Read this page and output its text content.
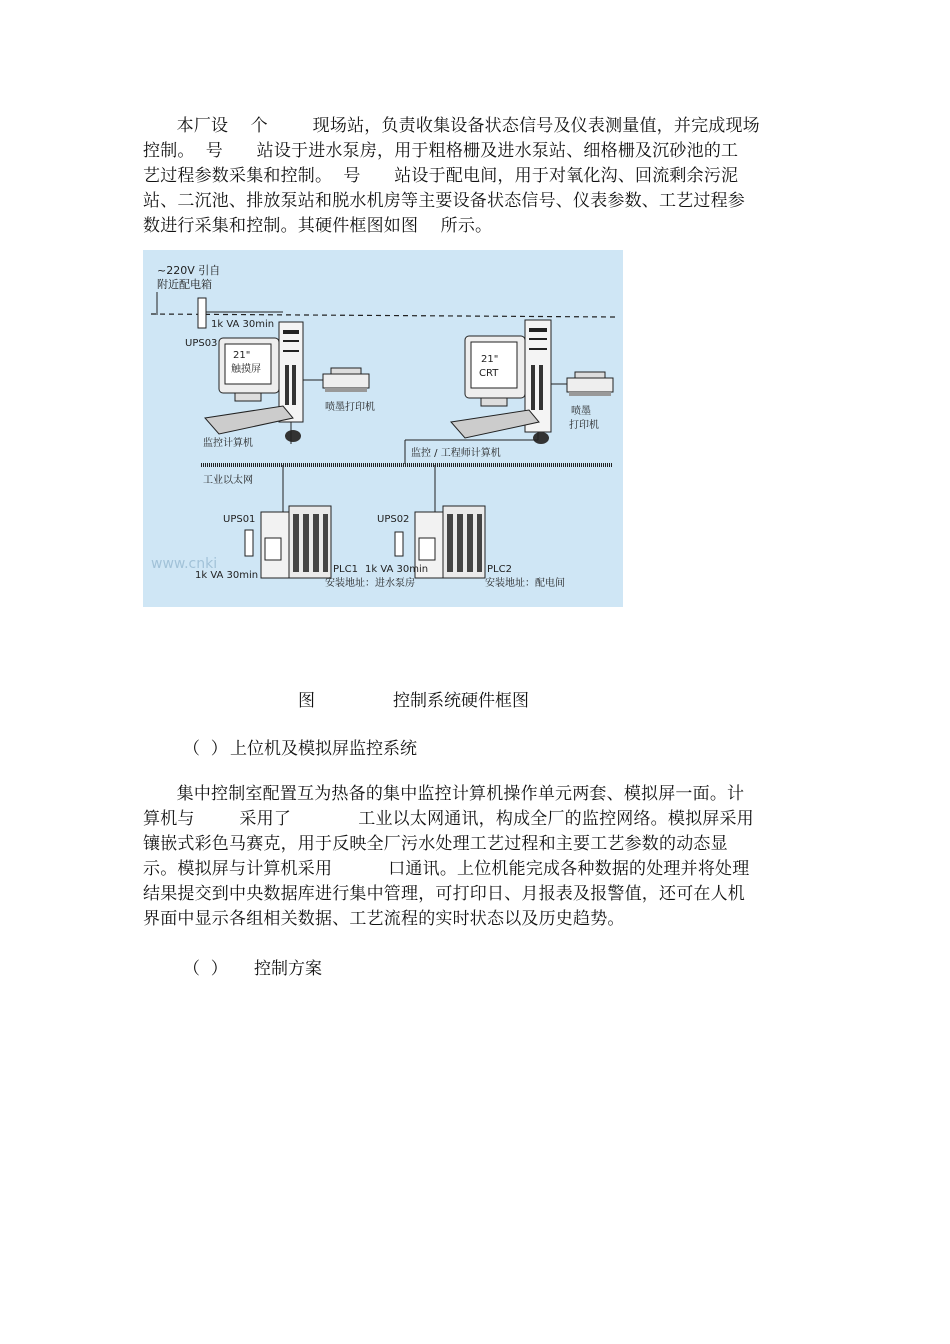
本厂设    个        现场站，负责收集设备状态信号及仪表测量值，并完成现场
控制。  号      站设于进水泵房，用于粗格栅及进水泵站、细格栅及沉砂池的工
艺过程参数采集和控制。  号      站设于配电间，用于对氧化沟、回流剩余污泥
站、二沉池、排放泵站和脱水机房等主要设备状态信号、仪表参数、工艺过程参
数进行采集和控制。其硬件框图如图    所示。
~220V 引自
附近配电箱
1k VA 30min
UPS03
21"
触摸屏
喷墨打印机
监控计算机
21"
CRT
喷墨
打印机
监控 / 工程师计算机
工业以太网
UPS01
1k VA 30min
PLC1
安装地址：进水泵房
www.cnki
UPS02
1k VA 30min	PLC2
安装地址：配电间
图	控制系统硬件框图
（  ） 上位机及模拟屏监控系统
集中控制室配置互为热备的集中监控计算机操作单元两套、模拟屏一面。计
算机与        采用了            工业以太网通讯，构成全厂的监控网络。模拟屏采用
镶嵌式彩色马赛克，用于反映全厂污水处理工艺过程和主要工艺参数的动态显
示。模拟屏与计算机采用          口通讯。上位机能完成各种数据的处理并将处理
结果提交到中央数据库进行集中管理，可打印日、月报表及报警值，还可在人机
界面中显示各组相关数据、工艺流程的实时状态以及历史趋势。
（  ） 控制方案
